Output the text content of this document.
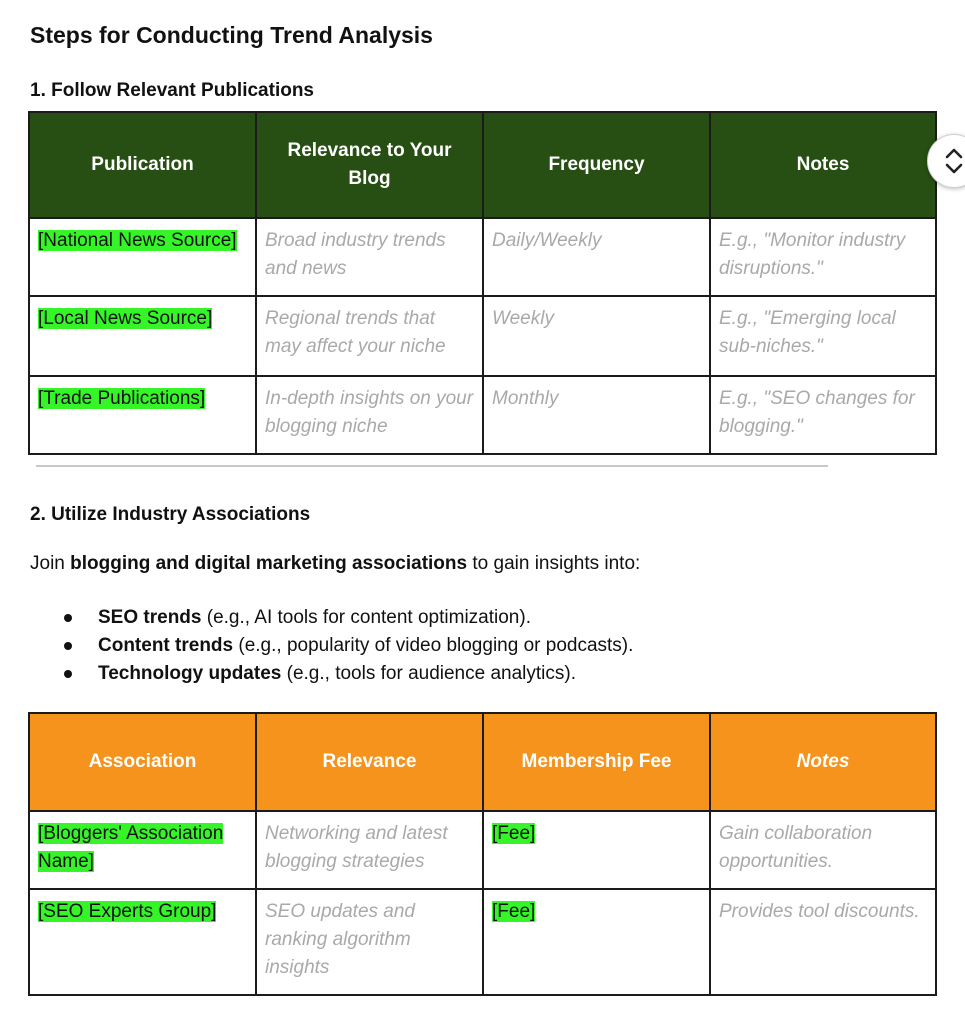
Steps for Conducting Trend Analysis
1. Follow Relevant Publications
Publication	Relevance to Your Blog	Frequency	Notes
[National News Source]	Broad industry trends and news	Daily/Weekly	E.g., "Monitor industry disruptions."
[Local News Source]	Regional trends that may affect your niche	Weekly	E.g., "Emerging local sub-niches."
[Trade Publications]	In-depth insights on your blogging niche	Monthly	E.g., "SEO changes for blogging."
2. Utilize Industry Associations

Join blogging and digital marketing associations to gain insights into:

SEO trends (e.g., AI tools for content optimization).
Content trends (e.g., popularity of video blogging or podcasts).
Technology updates (e.g., tools for audience analytics).
Association	Relevance	Membership Fee	Notes
[Bloggers' Association Name]	Networking and latest blogging strategies	[Fee]	Gain collaboration opportunities.
[SEO Experts Group]	SEO updates and ranking algorithm insights	[Fee]	Provides tool discounts.
